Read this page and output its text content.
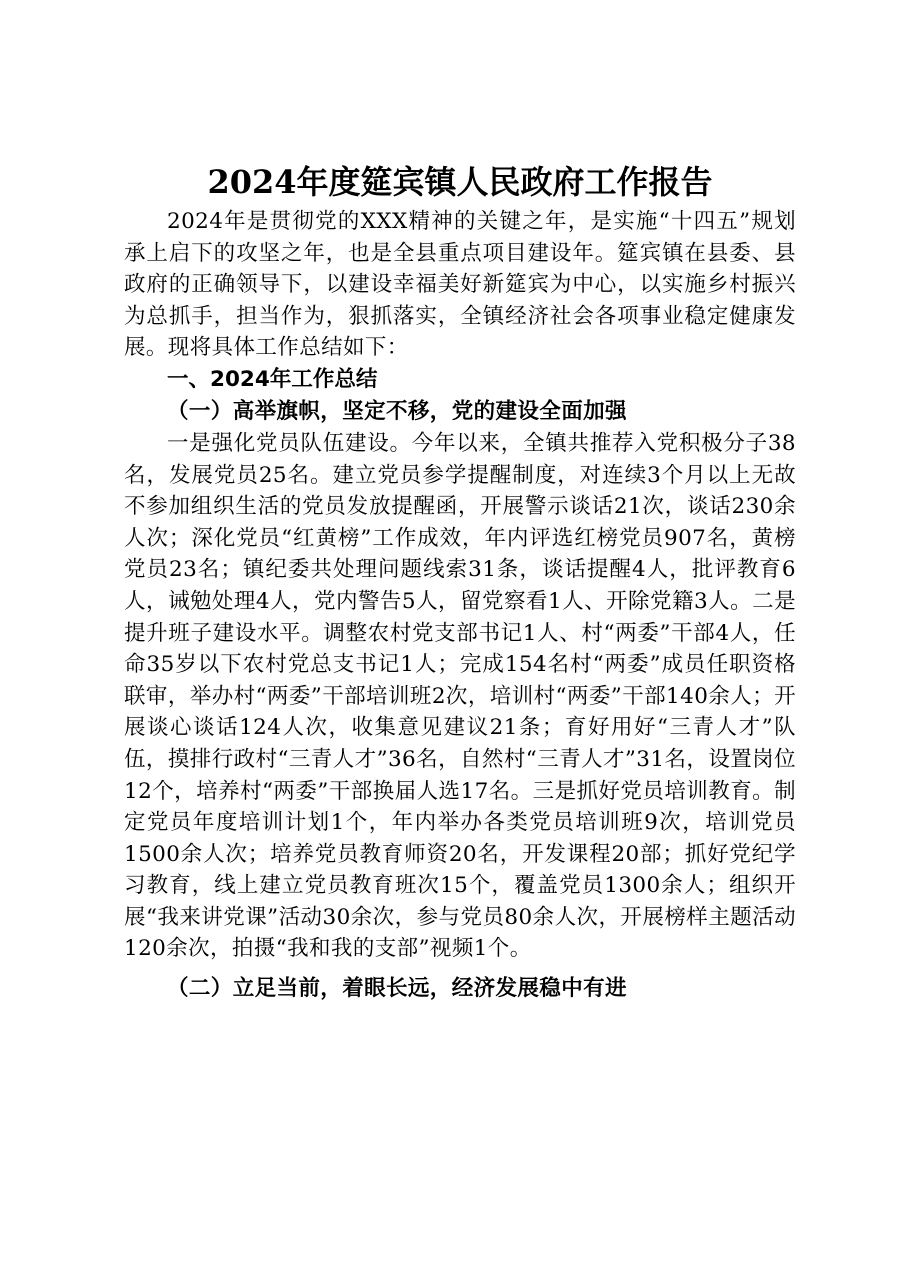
2024年度筵宾镇人民政府工作报告

2024年是贯彻党的XXX精神的关键之年，是实施“十四五”规划承上启下的攻坚之年，也是全县重点项目建设年。筵宾镇在县委、县政府的正确领导下，以建设幸福美好新筵宾为中心，以实施乡村振兴为总抓手，担当作为，狠抓落实，全镇经济社会各项事业稳定健康发展。现将具体工作总结如下：

一、2024年工作总结

（一）高举旗帜，坚定不移，党的建设全面加强

一是强化党员队伍建设。今年以来，全镇共推荐入党积极分子38名，发展党员25名。建立党员参学提醒制度，对连续3个月以上无故不参加组织生活的党员发放提醒函，开展警示谈话21次，谈话230余人次；深化党员“红黄榜”工作成效，年内评选红榜党员907名，黄榜党员23名；镇纪委共处理问题线索31条，谈话提醒4人，批评教育6人，诫勉处理4人，党内警告5人，留党察看1人、开除党籍3人。二是提升班子建设水平。调整农村党支部书记1人、村“两委”干部4人，任命35岁以下农村党总支书记1人；完成154名村“两委”成员任职资格联审，举办村“两委”干部培训班2次，培训村“两委”干部140余人；开展谈心谈话124人次，收集意见建议21条；育好用好“三青人才”队伍，摸排行政村“三青人才”36名，自然村“三青人才”31名，设置岗位12个，培养村“两委”干部换届人选17名。三是抓好党员培训教育。制定党员年度培训计划1个，年内举办各类党员培训班9次，培训党员1500余人次；培养党员教育师资20名，开发课程20部；抓好党纪学习教育，线上建立党员教育班次15个，覆盖党员1300余人；组织开展“我来讲党课”活动30余次，参与党员80余人次，开展榜样主题活动120余次，拍摄“我和我的支部”视频1个。

（二）立足当前，着眼长远，经济发展稳中有进
